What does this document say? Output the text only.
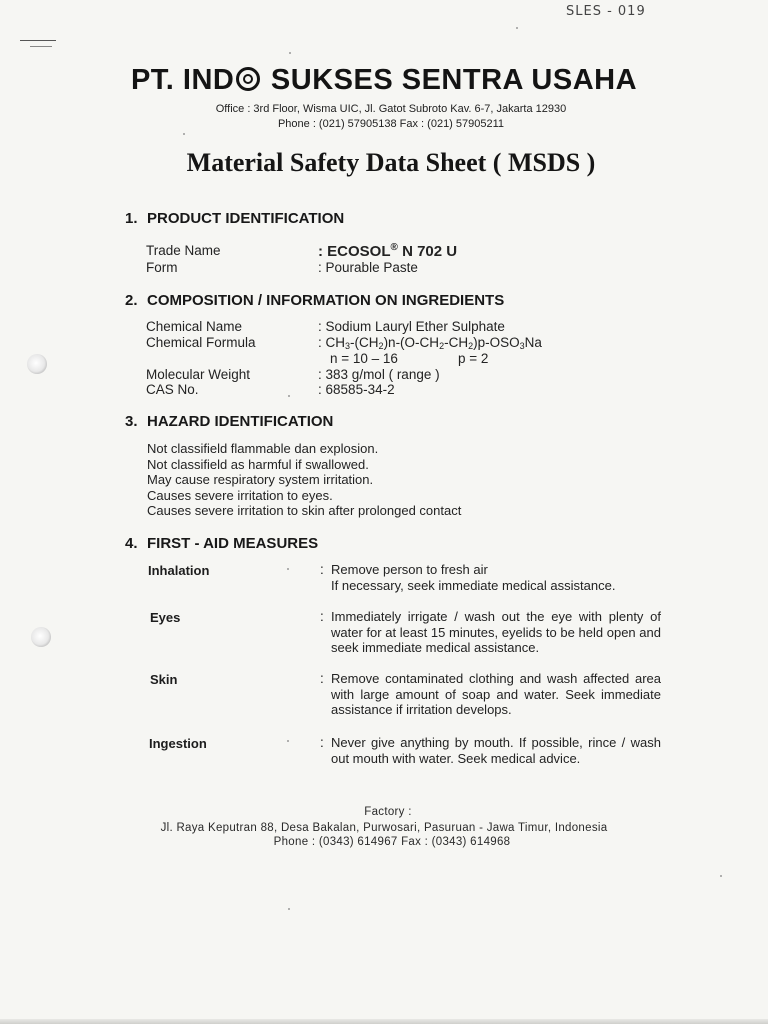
SLES - 019
PT. IND SUKSES SENTRA USAHA
Office : 3rd Floor, Wisma UIC, Jl. Gatot Subroto Kav. 6-7, Jakarta 12930
Phone : (021) 57905138 Fax : (021) 57905211
Material Safety Data Sheet ( MSDS )
1. PRODUCT IDENTIFICATION
Trade Name	: ECOSOL® N 702 U
Form	: Pourable Paste
2. COMPOSITION / INFORMATION ON INGREDIENTS
Chemical Name	: Sodium Lauryl Ether Sulphate
Chemical Formula	: $CH_3-(CH_2)n-(O-CH_2-CH_2)p-OSO_3Na$
n = 10 – 16	p = 2
Molecular Weight	: 383 g/mol ( range )
CAS No.	: 68585-34-2
3. HAZARD IDENTIFICATION
Not classifield flammable dan explosion.
Not classifield as harmful if swallowed.
May cause respiratory system irritation.
Causes severe irritation to eyes.
Causes severe irritation to skin after prolonged contact
4. FIRST - AID MEASURES
Inhalation	: Remove person to fresh air
If necessary, seek immediate medical assistance.
Eyes	: Immediately irrigate / wash out the eye with plenty of water for at least 15 minutes, eyelids to be held open and seek immediate medical assistance.
Skin	: Remove contaminated clothing and wash affected area with large amount of soap and water. Seek immediate assistance if irritation develops.
Ingestion	: Never give anything by mouth. If possible, rince / wash out mouth with water. Seek medical advice.
Factory :
Jl. Raya Keputran 88, Desa Bakalan, Purwosari, Pasuruan - Jawa Timur, Indonesia
Phone : (0343) 614967 Fax : (0343) 614968
